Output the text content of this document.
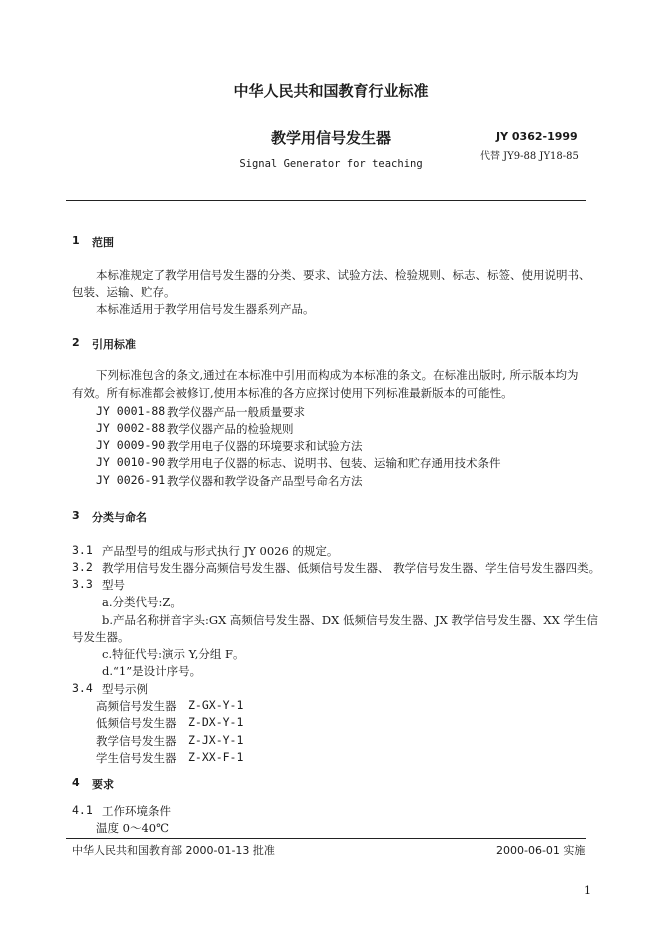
中华人民共和国教育行业标准
教学用信号发生器	JY 0362-1999
代替 JY9-88 JY18-85
Signal Generator for teaching
1 范围
本标准规定了教学用信号发生器的分类、要求、试验方法、检验规则、标志、标签、使用说明书、
包装、运输、贮存。
本标准适用于教学用信号发生器系列产品。
2 引用标准
下列标准包含的条文,通过在本标准中引用而构成为本标准的条文。在标准出版时, 所示版本均为
有效。所有标准都会被修订,使用本标准的各方应探讨使用下列标准最新版本的可能性。
JY 0001-88 教学仪器产品一般质量要求
JY 0002-88 教学仪器产品的检验规则
JY 0009-90 教学用电子仪器的环境要求和试验方法
JY 0010-90 教学用电子仪器的标志、说明书、包装、运输和贮存通用技术条件
JY 0026-91 教学仪器和教学设备产品型号命名方法
3 分类与命名
3.1 产品型号的组成与形式执行 JY 0026 的规定。
3.2 教学用信号发生器分高频信号发生器、低频信号发生器、 教学信号发生器、学生信号发生器四类。
3.3 型号
a.分类代号:Z。
b.产品名称拼音字头:GX 高频信号发生器、DX 低频信号发生器、JX 教学信号发生器、XX 学生信
号发生器。
c.特征代号:演示 Y,分组 F。
d.“1”是设计序号。
3.4 型号示例
高频信号发生器 Z-GX-Y-1
低频信号发生器 Z-DX-Y-1
教学信号发生器 Z-JX-Y-1
学生信号发生器 Z-XX-F-1
4 要求
4.1 工作环境条件
温度 0～40℃
中华人民共和国教育部 2000-01-13 批准	2000-06-01 实施
1
